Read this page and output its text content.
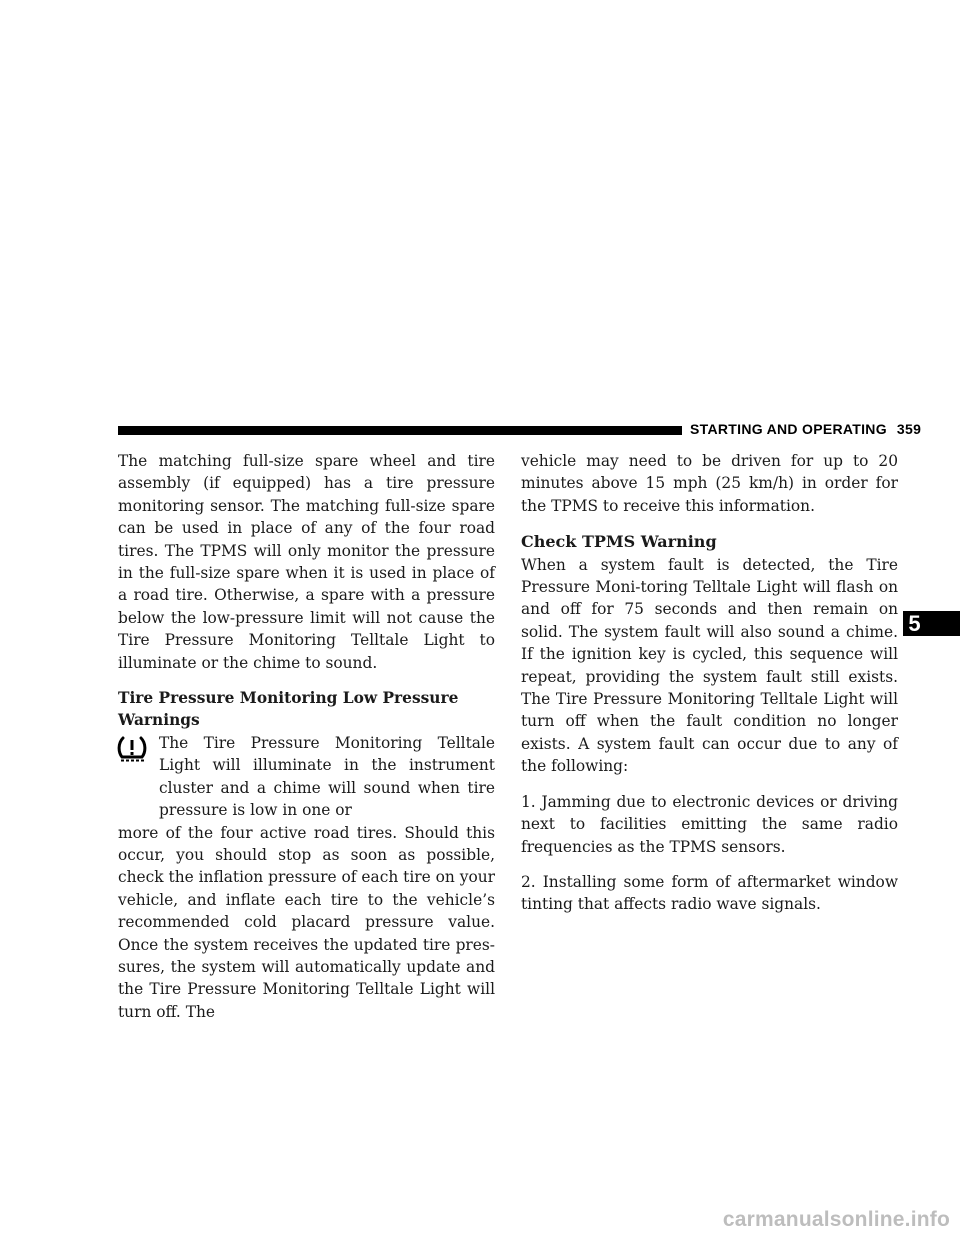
STARTING AND OPERATING 359

The matching full-size spare wheel and tire assembly (if equipped) has a tire pressure monitoring sensor. The matching full-size spare can be used in place of any of the four road tires. The TPMS will only monitor the pressure in the full-size spare when it is used in place of a road tire. Otherwise, a spare with a pressure below the low-pressure limit will not cause the Tire Pressure Monitoring Telltale Light to illuminate or the chime to sound.

Tire Pressure Monitoring Low Pressure Warnings
The Tire Pressure Monitoring Telltale Light will illuminate in the instrument cluster and a chime will sound when tire pressure is low in one or

more of the four active road tires. Should this occur, you should stop as soon as possible, check the inflation pressure of each tire on your vehicle, and inflate each tire to the vehicle’s recommended cold placard pressure value. Once the system receives the updated tire pres-sures, the system will automatically update and the Tire Pressure Monitoring Telltale Light will turn off. The

vehicle may need to be driven for up to 20 minutes above 15 mph (25 km/h) in order for the TPMS to receive this information.

Check TPMS Warning

When a system fault is detected, the Tire Pressure Moni-toring Telltale Light will flash on and off for 75 seconds and then remain on solid. The system fault will also sound a chime. If the ignition key is cycled, this sequence will repeat, providing the system fault still exists. The Tire Pressure Monitoring Telltale Light will turn off when the fault condition no longer exists. A system fault can occur due to any of the following:

1. Jamming due to electronic devices or driving next to facilities emitting the same radio frequencies as the TPMS sensors.

2. Installing some form of aftermarket window tinting that affects radio wave signals.

5
carmanualsonline.info
